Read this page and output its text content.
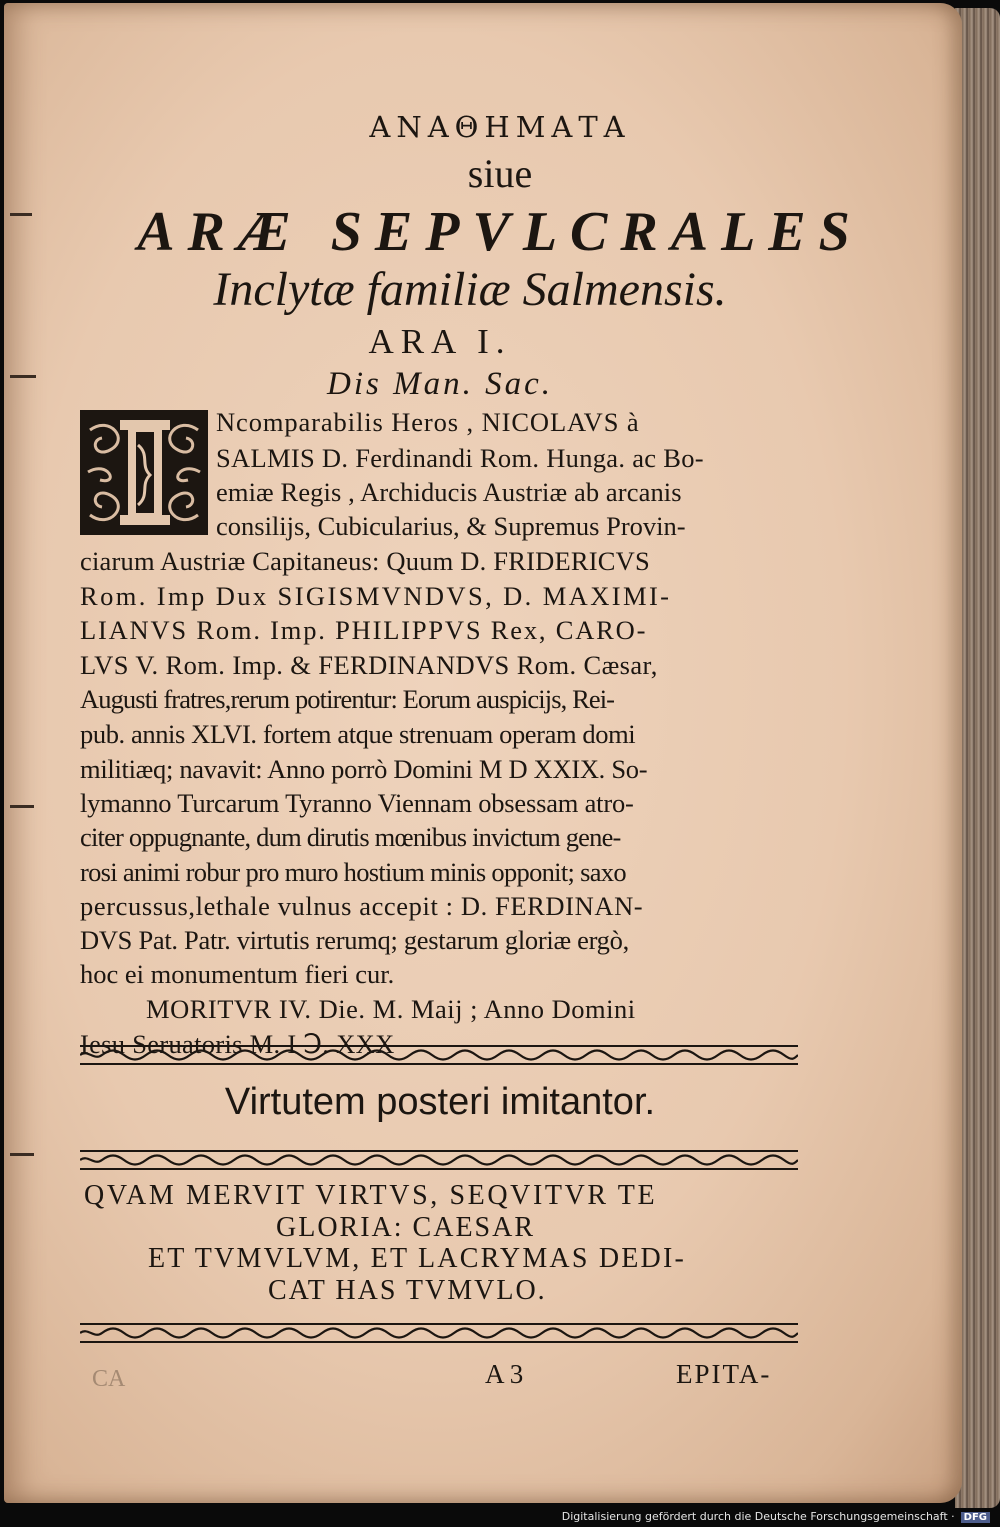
ΑΝΑΘΗΜΑΤΑ
siue
ARÆ SEPVLCRALES
Inclytæ familiæ Salmensis.
ARA I.
Dis Man. Sac.
Ncomparabilis Heros , NICOLAVS à
SALMIS D. Ferdinandi Rom. Hunga. ac Bo-
emiæ Regis , Archiducis Austriæ ab arcanis
consilijs, Cubicularius, & Supremus Provin-
ciarum Austriæ Capitaneus: Quum D. FRIDERICVS
Rom. Imp Dux SIGISMVNDVS, D. MAXIMI-
LIANVS Rom. Imp. PHILIPPVS Rex, CARO-
LVS V. Rom. Imp. & FERDINANDVS Rom. Cæsar,
Augusti fratres,rerum potirentur: Eorum auspicijs, Rei-
pub. annis XLVI. fortem atque strenuam operam domi
militiæq; navavit: Anno porrò Domini M D XXIX. So-
lymanno Turcarum Tyranno Viennam obsessam atro-
citer oppugnante, dum dirutis mœnibus invictum gene-
rosi animi robur pro muro hostium minis opponit; saxo
percussus,lethale vulnus accepit : D. FERDINAN-
DVS Pat. Patr. virtutis rerumq; gestarum gloriæ ergò,
hoc ei monumentum fieri cur.
MORITVR IV. Die. M. Maij ; Anno Domini
Iesu Seruatoris M. I Ↄ. XXX
Virtutem posteri imitantor.
QVAM MERVIT VIRTVS, SEQVITVR TE
GLORIA: CAESAR
ET TVMVLVM, ET LACRYMAS DEDI-
CAT HAS TVMVLO.
CA	A 3	EPITA-
Digitalisierung gefördert durch die Deutsche Forschungsgemeinschaft · DFG
